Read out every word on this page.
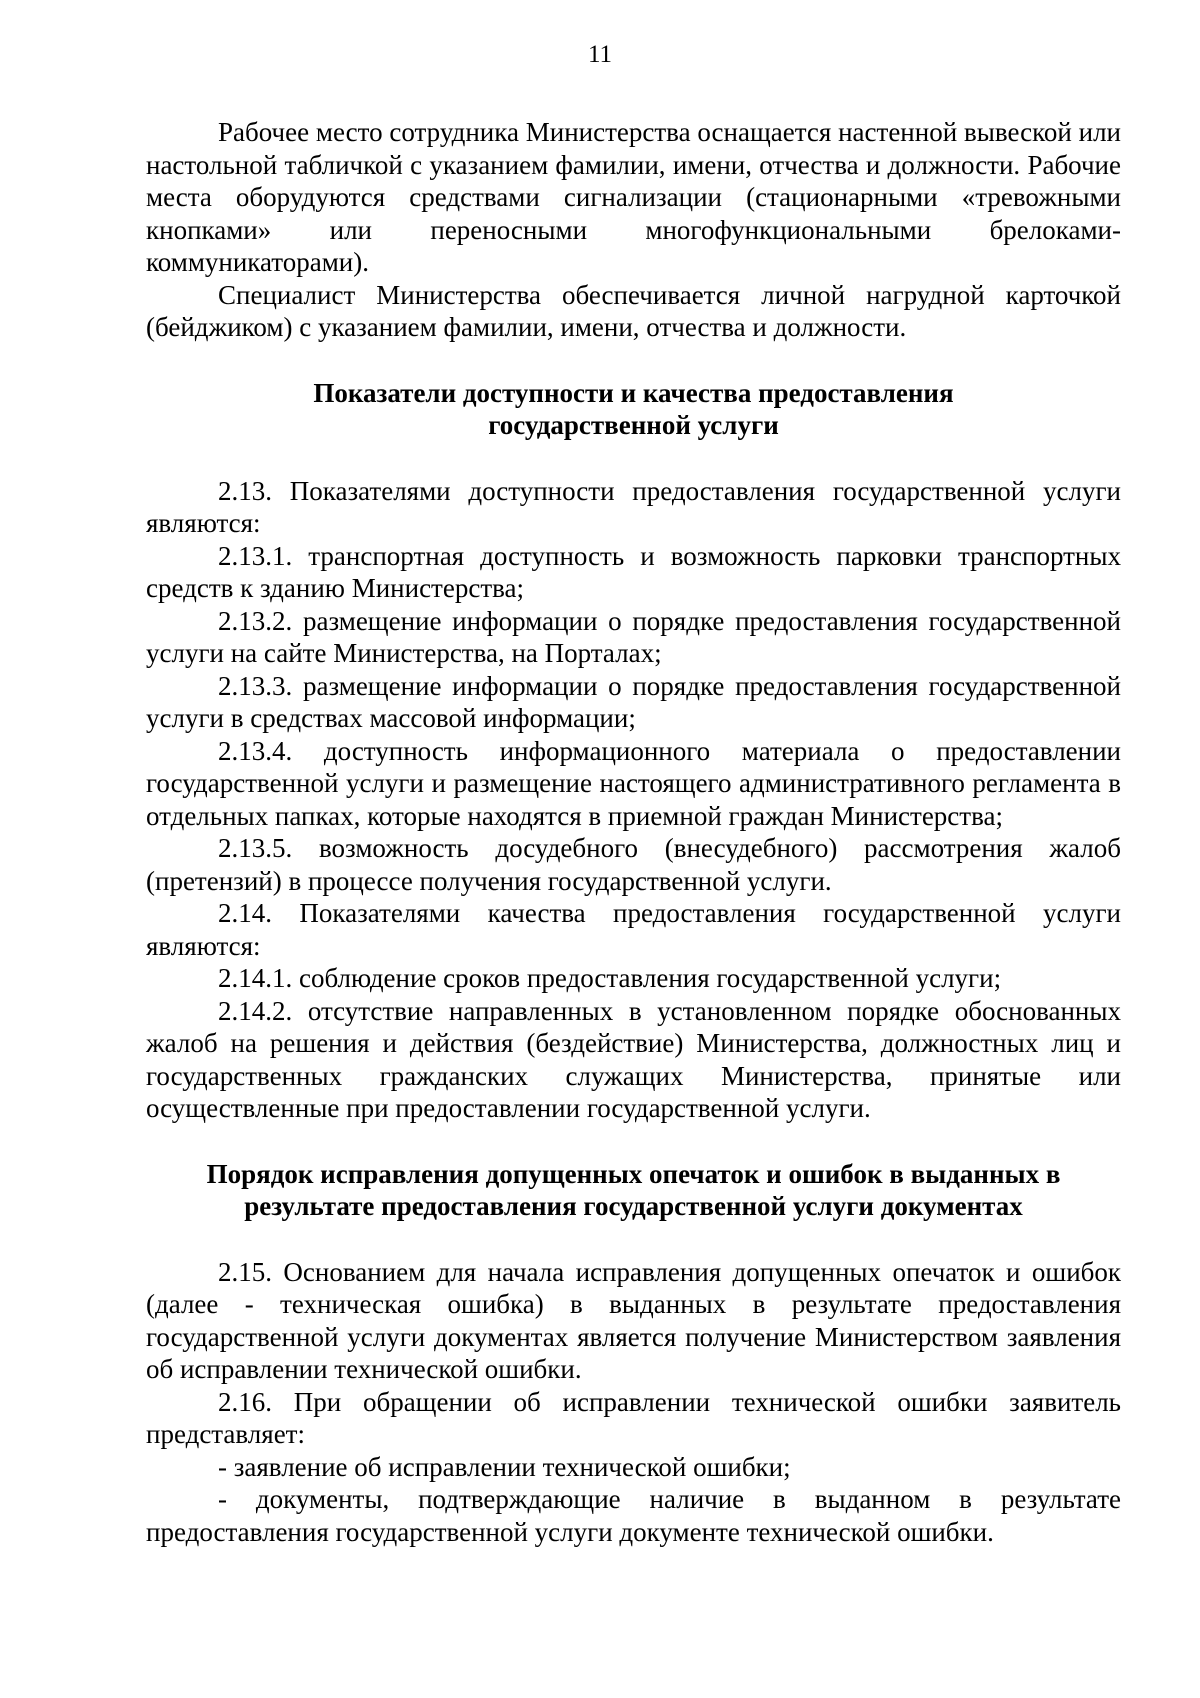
11

Рабочее место сотрудника Министерства оснащается настенной вывеской или настольной табличкой с указанием фамилии, имени, отчества и должности. Рабочие места оборудуются средствами сигнализации (стационарными «тревожными кнопками» или переносными многофункциональными брелоками-коммуникаторами).

Специалист Министерства обеспечивается личной нагрудной карточкой (бейджиком) с указанием фамилии, имени, отчества и должности.

Показатели доступности и качества предоставления
государственной услуги

2.13. Показателями доступности предоставления государственной услуги являются:

2.13.1. транспортная доступность и возможность парковки транспортных средств к зданию Министерства;

2.13.2. размещение информации о порядке предоставления государственной услуги на сайте Министерства, на Порталах;

2.13.3. размещение информации о порядке предоставления государственной услуги в средствах массовой информации;

2.13.4. доступность информационного материала о предоставлении государственной услуги и размещение настоящего административного регламента в отдельных папках, которые находятся в приемной граждан Министерства;

2.13.5. возможность досудебного (внесудебного) рассмотрения жалоб (претензий) в процессе получения государственной услуги.

2.14. Показателями качества предоставления государственной услуги являются:

2.14.1. соблюдение сроков предоставления государственной услуги;

2.14.2. отсутствие направленных в установленном порядке обоснованных жалоб на решения и действия (бездействие) Министерства, должностных лиц и государственных гражданских служащих Министерства, принятые или осуществленные при предоставлении государственной услуги.

Порядок исправления допущенных опечаток и ошибок в выданных в
результате предоставления государственной услуги документах

2.15. Основанием для начала исправления допущенных опечаток и ошибок (далее - техническая ошибка) в выданных в результате предоставления государственной услуги документах является получение Министерством заявления об исправлении технической ошибки.

2.16. При обращении об исправлении технической ошибки заявитель представляет:

- заявление об исправлении технической ошибки;

- документы, подтверждающие наличие в выданном в результате предоставления государственной услуги документе технической ошибки.
